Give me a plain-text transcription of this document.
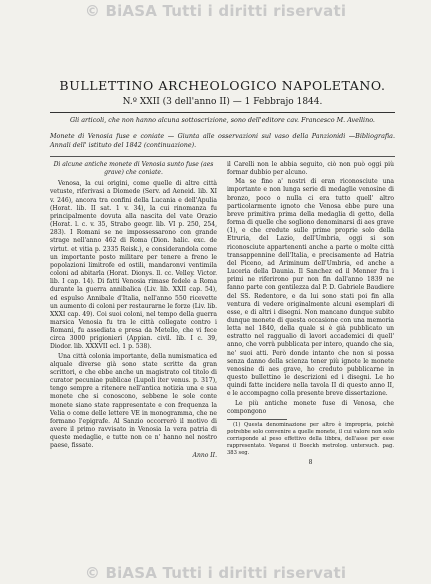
© BiASA Tutti i diritti riservati
BULLETTINO ARCHEOLOGICO NAPOLETANO.
N.º XXII (3 dell'anno II) — 1 Febbrajo 1844.
Gli articoli, che non hanno alcuna sottoscrizione, sono dell'editore cav. Francesco M. Avellino.
Monete di Venosia fuse e coniate — Giunta alle osservazioni sul vaso della Panzionidi —Bibliografia. Annali dell' istituto del 1842 (continuazione).

Di alcune antiche monete di Venosia sunto fuse (aes grave) che coniate.

Venosa, la cui origini, come quelle di altre città vetuste, riferivasi a Diomede (Serv. ad Aeneid. lib. XI v. 246), ancora tra confini della Lucania e dell'Apulia (Horat. lib. II sat. 1 v. 34), la cui rinomanza fu principalmente dovuta alla nascita del vate Orazio (Horat. l. c. v. 35, Strabo geogr. lib. VI p. 250, 254, 283). I Romani se ne impossessarono con grande strage nell'anno 462 di Roma (Dion. halic. exc. de virtut. et vitia p. 2335 Reisk.), e considerandola come un importante posto militare per tenere a freno le popolazioni limitrofe ed ostili, mandaronvi ventimila coloni ad abitarla (Horat. Dionys. ll. cc. Velley. Victor. lib. I cap. 14). Di fatti Venosia rimase fedele a Roma durante la guerra annibalica (Liv. lib. XXII cap. 54), ed espulso Annibale d'Italia, nell'anno 550 ricevette un aumento di coloni per restaurarne le forze (Liv. lib. XXXI cap. 49). Coi suoi coloni, nel tempo della guerra marsica Venosia fu tra le città collegate contro i Romani, fu assediata e presa da Metello, che vi fece circa 3000 prigionieri (Appian. civil. lib. I c. 39, Diodor. lib. XXXVII ecl. 1 p. 538).

Una città colonia importante, della numismatica ed alquale diverse già sono state scritte da gran scrittori, e che ebbe anche un magistrato col titolo di curator pecuniae publicae (Lupoli iter venus. p. 317), tengo sempre a ritenere nell'antica notizia una e sua monete che si conoscono, sebbene le sole conte monete siano state rappresentate e con frequenza la Velia o come delle lettere VE in monogramma, che ne formano l'epigrafe. Al Sanzio occorrerò il motivo di avere il primo ravvisato in Venosia la vera patria di queste medaglie, e tutte non ce n' hanno nel nostro paese, fissate.

Anno II.

il Carelli non le abbia seguito, ciò non può oggi più formar dubbio per alcuno.

Ma se fino a' nostri di eran riconosciute una importante e non lunga serie di medaglie venosine di bronzo, poco o nulla ci era tutto quell' altro particolarmente ignoto che Venosa ebbe pure una breve primitiva prima della medaglia di getto, della forma di quelle che sogliono denominarsi di aes grave (1), e che credute sulle prime proprie solo della Etruria, del Lazio, dell'Umbria, oggi si son riconosciute appartenenti anche a parte o molte città transappennine dell'Italia, e precisamente ad Hatria del Piceno, ad Ariminum dell'Umbria, ed anche a Luceria della Daunia. Il Sanchez ed il Menner fra i primi ne riferirono pur non fin dall'anno 1839 ne fanno parte con gentilezza dal P. D. Gabriele Baudiere del SS. Redentore, e da lui sono stati poi fin alla ventura di vedere originalmente alcuni esemplari di esse, e di altri i disegni. Non mancano dunque subito dunque monete di questa occasione con una memoria letta nel 1840, della quale si è già pubblicato un estratto nel raggualio di lavori accademici di quell' anno, che vorrà pubblicata per intero, quando che sia, ne' suoi atti. Però donde intanto che non si possa senza danno della scienza tener più ignote le monete venosine di aes grave, ho creduto pubblicarne in questo bullettino le descrizioni ed i disegni. Le ho quindi fatte incidere nella tavola II di questo anno II, e le accompagno colla presente breve dissertazione.

Le più antiche monete fuse di Venosa, che compongono

(1) Questa denominazione per altro è impropria, poichè potrebbe solo convenire a quelle monete, il cui valore non solo corrisponde al peso effettivo della libbra, dell'asse per esse rappresentato. Vegansi il Boeckh metrolog. untersuch. pag. 383 seg.
8
© BiASA Tutti i diritti riservati
